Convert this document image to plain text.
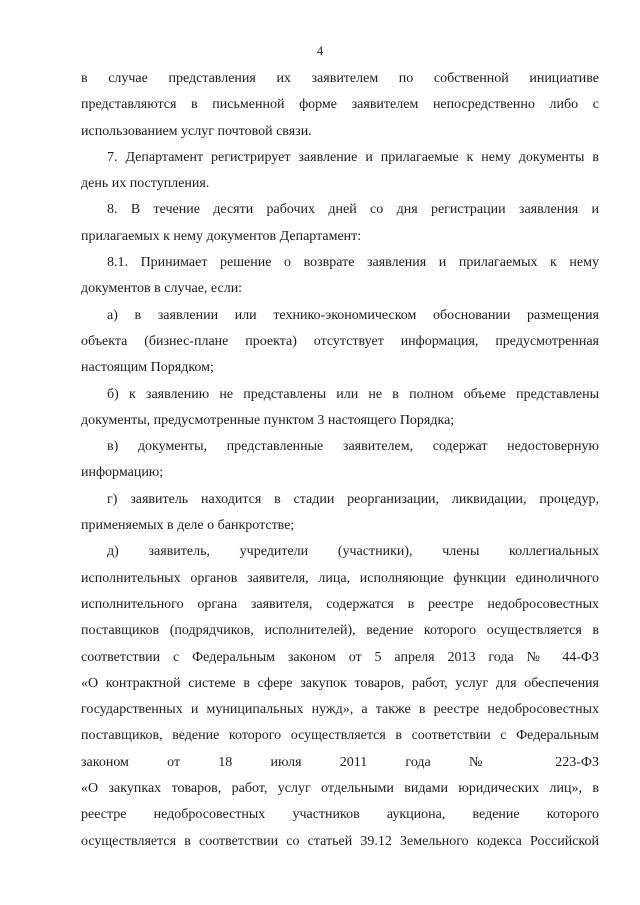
4
в случае представления их заявителем по собственной инициативе
представляются в письменной форме заявителем непосредственно либо с
использованием услуг почтовой связи.
7. Департамент регистрирует заявление и прилагаемые к нему документы в
день их поступления.
8. В течение десяти рабочих дней со дня регистрации заявления и
прилагаемых к нему документов Департамент:
8.1. Принимает решение о возврате заявления и прилагаемых к нему
документов в случае, если:
а) в заявлении или технико-экономическом обосновании размещения
объекта (бизнес-плане проекта) отсутствует информация, предусмотренная
настоящим Порядком;
б) к заявлению не представлены или не в полном объеме представлены
документы, предусмотренные пунктом 3 настоящего Порядка;
в) документы, представленные заявителем, содержат недостоверную
информацию;
г) заявитель находится в стадии реорганизации, ликвидации, процедур,
применяемых в деле о банкротстве;
д) заявитель, учредители (участники), члены коллегиальных
исполнительных органов заявителя, лица, исполняющие функции единоличного
исполнительного органа заявителя, содержатся в реестре недобросовестных
поставщиков (подрядчиков, исполнителей), ведение которого осуществляется в
соответствии с Федеральным законом от 5 апреля 2013 года № 44-ФЗ
«О контрактной системе в сфере закупок товаров, работ, услуг для обеспечения
государственных и муниципальных нужд», а также в реестре недобросовестных
поставщиков, ведение которого осуществляется в соответствии с Федеральным
законом от 18 июля 2011 года № 223-ФЗ
«О закупках товаров, работ, услуг отдельными видами юридических лиц», в
реестре недобросовестных участников аукциона, ведение которого
осуществляется в соответствии со статьей 39.12 Земельного кодекса Российской
